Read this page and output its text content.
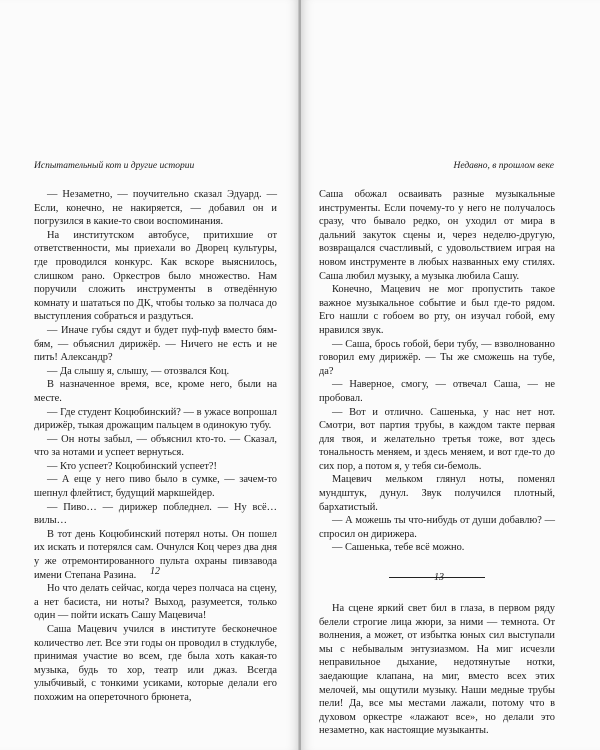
Испытательный кот и другие истории

— Незаметно, — поучительно сказал Эдуард. — Если, конечно, не накиряется, — добавил он и погрузился в какие-то свои воспоминания.

На институтском автобусе, притихшие от ответственности, мы приехали во Дворец культуры, где проводился конкурс. Как вскоре выяснилось, слишком рано. Оркестров было множество. Нам поручили сложить инструменты в отведённую комнату и шататься по ДК, чтобы только за полчаса до выступления собраться и раздуться.

— Иначе губы сядут и будет пуф-пуф вместо бям-бям, — объяснил дирижёр. — Ничего не есть и не пить! Александр?

— Да слышу я, слышу, — отозвался Коц.

В назначенное время, все, кроме него, были на месте.

— Где студент Коцюбинский? — в ужасе вопрошал дирижёр, тыкая дрожащим пальцем в одинокую тубу.

— Он ноты забыл, — объяснил кто-то. — Сказал, что за нотами и успеет вернуться.

— Кто успеет? Коцюбинский успеет?!

— А еще у него пиво было в сумке, — зачем-то шепнул флейтист, будущий маркшейдер.

— Пиво… — дирижер побледнел. — Ну всё… вилы…

В тот день Коцюбинский потерял ноты. Он пошел их искать и потерялся сам. Очнулся Коц через два дня у же отремонтированного пульта охраны пивзавода имени Степана Разина.

Но что делать сейчас, когда через полчаса на сцену, а нет басиста, ни ноты? Выход, разумеется, только один — пойти искать Сашу Мацевича!

Саша Мацевич учился в институте бесконечное количество лет. Все эти годы он проводил в студклубе, принимая участие во всем, где была хоть какая-то музыка, будь то хор, театр или джаз. Всегда улыбчивый, с тонкими усиками, которые делали его похожим на опереточного брюнета,

12
Недавно, в прошлом веке

Саша обожал осваивать разные музыкальные инструменты. Если почему-то у него не получалось сразу, что бывало редко, он уходил от мира в дальний закуток сцены и, через неделю-другую, возвращался счастливый, с удовольствием играя на новом инструменте в любых названных ему стилях. Саша любил музыку, а музыка любила Сашу.

Конечно, Мацевич не мог пропустить такое важное музыкальное событие и был где-то рядом. Его нашли с гобоем во рту, он изучал гобой, ему нравился звук.

— Саша, брось гобой, бери тубу, — взволнованно говорил ему дирижёр. — Ты же сможешь на тубе, да?

— Наверное, смогу, — отвечал Саша, — не пробовал.

— Вот и отлично. Сашенька, у нас нет нот. Смотри, вот партия трубы, в каждом такте первая для твоя, и желательно третья тоже, вот здесь тональность меняем, и здесь меняем, и вот где-то до сих пор, а потом я, у тебя си-бемоль.

Мацевич мельком глянул ноты, поменял мундштук, дунул. Звук получился плотный, бархатистый.

— А можешь ты что-нибудь от души добавлю? — спросил он дирижера.

— Сашенька, тебе всё можно.

На сцене яркий свет бил в глаза, в первом ряду белели строгие лица жюри, за ними — темнота. От волнения, а может, от избытка юных сил выступали мы с небывалым энтузиазмом. На миг исчезли неправильное дыхание, недотянутые нотки, заедающие клапана, на миг, вместо всех этих мелочей, мы ощутили музыку. Наши медные трубы пели! Да, все мы местами лажали, потому что в духовом оркестре «лажают все», но делали это незаметно, как настоящие музыканты.

13
